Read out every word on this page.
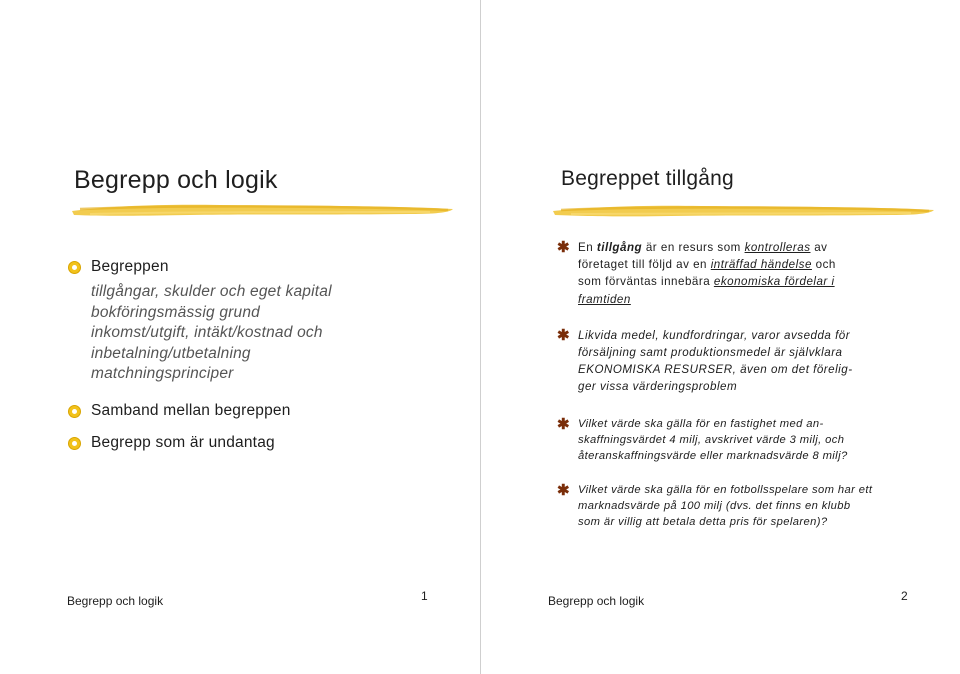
Begrepp och logik
Begreppen
tillgångar, skulder och eget kapital
bokföringsmässig grund
inkomst/utgift, intäkt/kostnad och
inbetalning/utbetalning
matchningsprinciper
Samband mellan begreppen
Begrepp som är undantag
Begrepp och logik	1
Begreppet tillgång
✱ En tillgång är en resurs som kontrolleras av
företaget till följd av en inträffad händelse och
som förväntas innebära ekonomiska fördelar i
framtiden

✱ Likvida medel, kundfordringar, varor avsedda för
försäljning samt produktionsmedel är självklara
EKONOMISKA RESURSER, även om det förelig-
ger vissa värderingsproblem

✱ Vilket värde ska gälla för en fastighet med an-
skaffningsvärdet 4 milj, avskrivet värde 3 milj, och
återanskaffningsvärde eller marknadsvärde 8 milj?

✱ Vilket värde ska gälla för en fotbollsspelare som har ett
marknadsvärde på 100 milj (dvs. det finns en klubb
som är villig att betala detta pris för spelaren)?

Begrepp och logik	2
